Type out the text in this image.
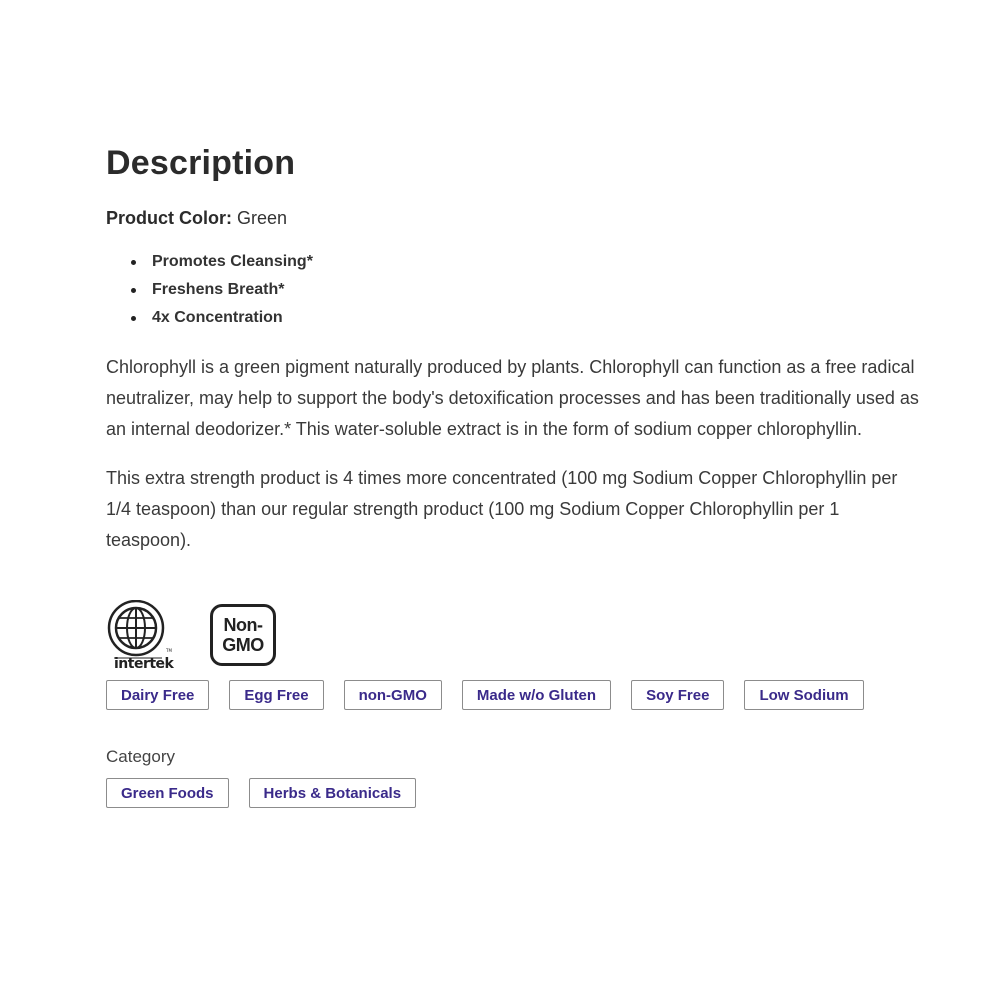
Description
Product Color: Green
Promotes Cleansing*
Freshens Breath*
4x Concentration

Chlorophyll is a green pigment naturally produced by plants. Chlorophyll can function as a free radical neutralizer, may help to support the body's detoxification processes and has been traditionally used as an internal deodorizer.* This water-soluble extract is in the form of sodium copper chlorophyllin.

This extra strength product is 4 times more concentrated (100 mg Sodium Copper Chlorophyllin per 1/4 teaspoon) than our regular strength product (100 mg Sodium Copper Chlorophyllin per 1 teaspoon).

TM
intertek
Non-
GMO
Dairy Free	Egg Free	non-GMO	Made w/o Gluten	Soy Free	Low Sodium
Category
Green Foods	Herbs & Botanicals
